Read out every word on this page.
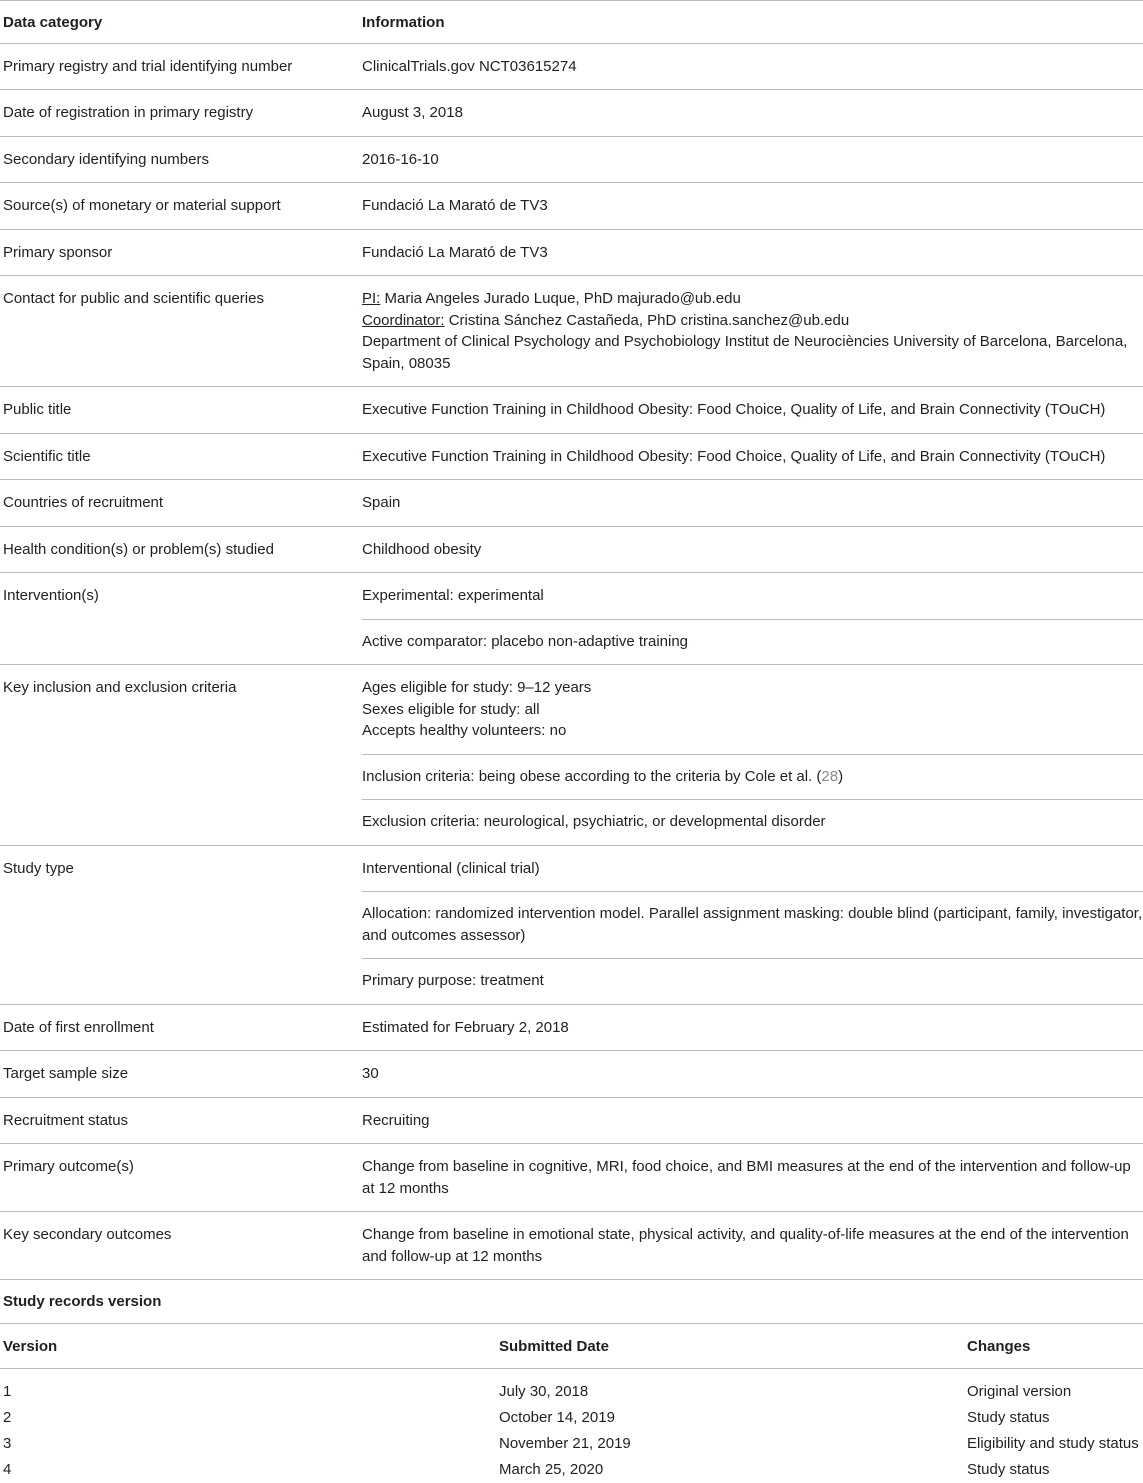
Data category	Information
Primary registry and trial identifying number	ClinicalTrials.gov NCT03615274

Date of registration in primary registry	August 3, 2018

Secondary identifying numbers	2016-16-10

Source(s) of monetary or material support	Fundació La Marató de TV3

Primary sponsor	Fundació La Marató de TV3

Contact for public and scientific queries	PI: Maria Angeles Jurado Luque, PhD majurado@ub.edu
Coordinator: Cristina Sánchez Castañeda, PhD cristina.sanchez@ub.edu
Department of Clinical Psychology and Psychobiology Institut de Neurociències University of Barcelona, Barcelona, Spain, 08035

Public title	Executive Function Training in Childhood Obesity: Food Choice, Quality of Life, and Brain Connectivity (TOuCH)

Scientific title	Executive Function Training in Childhood Obesity: Food Choice, Quality of Life, and Brain Connectivity (TOuCH)

Countries of recruitment	Spain

Health condition(s) or problem(s) studied	Childhood obesity

Intervention(s)	Experimental: experimental
Active comparator: placebo non-adaptive training

Key inclusion and exclusion criteria	Ages eligible for study: 9–12 years
Sexes eligible for study: all
Accepts healthy volunteers: no
Inclusion criteria: being obese according to the criteria by Cole et al. (28)
Exclusion criteria: neurological, psychiatric, or developmental disorder

Study type	Interventional (clinical trial)
Allocation: randomized intervention model. Parallel assignment masking: double blind (participant, family, investigator, and outcomes assessor)
Primary purpose: treatment

Date of first enrollment	Estimated for February 2, 2018

Target sample size	30

Recruitment status	Recruiting

Primary outcome(s)	Change from baseline in cognitive, MRI, food choice, and BMI measures at the end of the intervention and follow-up at 12 months

Key secondary outcomes	Change from baseline in emotional state, physical activity, and quality-of-life measures at the end of the intervention and follow-up at 12 months
Study records version
Version	Submitted Date	Changes
1	July 30, 2018	Original version
2	October 14, 2019	Study status
3	November 21, 2019	Eligibility and study status
4	March 25, 2020	Study status
